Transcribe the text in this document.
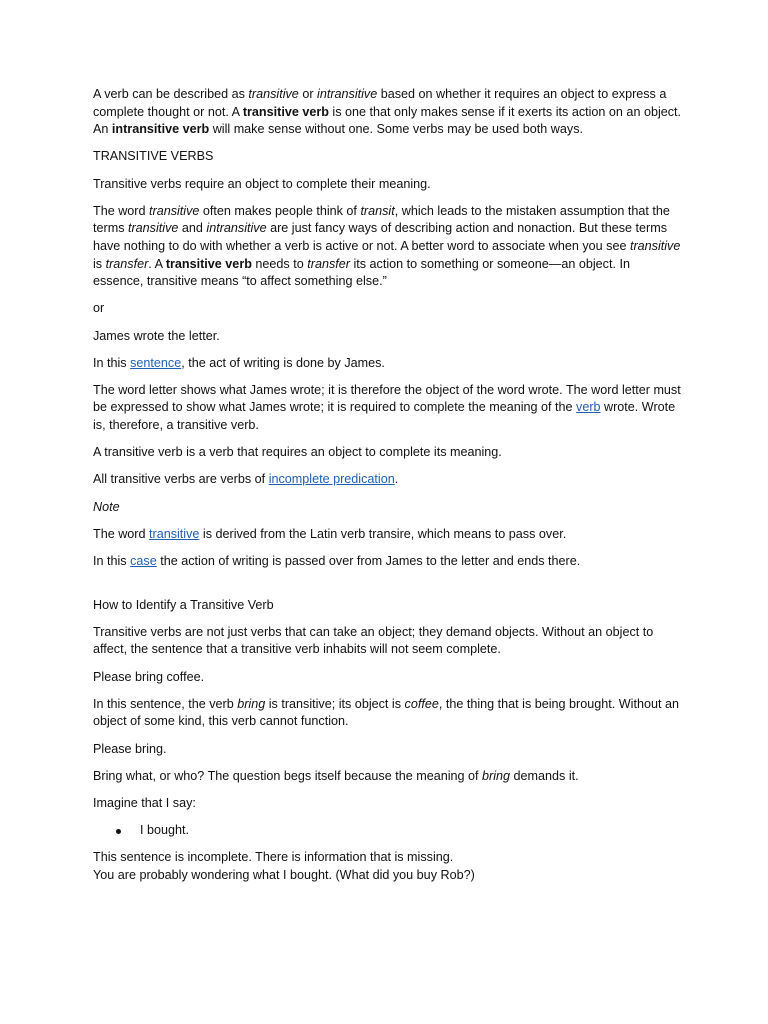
A verb can be described as transitive or intransitive based on whether it requires an object to express a complete thought or not. A transitive verb is one that only makes sense if it exerts its action on an object. An intransitive verb will make sense without one. Some verbs may be used both ways.

TRANSITIVE VERBS

Transitive verbs require an object to complete their meaning.

The word transitive often makes people think of transit, which leads to the mistaken assumption that the terms transitive and intransitive are just fancy ways of describing action and nonaction. But these terms have nothing to do with whether a verb is active or not. A better word to associate when you see transitive is transfer. A transitive verb needs to transfer its action to something or someone—an object. In essence, transitive means “to affect something else.”

or

James wrote the letter.

In this sentence, the act of writing is done by James.

The word letter shows what James wrote; it is therefore the object of the word wrote. The word letter must be expressed to show what James wrote; it is required to complete the meaning of the verb wrote. Wrote is, therefore, a transitive verb.

A transitive verb is a verb that requires an object to complete its meaning.

All transitive verbs are verbs of incomplete predication.

Note

The word transitive is derived from the Latin verb transire, which means to pass over.

In this case the action of writing is passed over from James to the letter and ends there.

How to Identify a Transitive Verb

Transitive verbs are not just verbs that can take an object; they demand objects. Without an object to affect, the sentence that a transitive verb inhabits will not seem complete.

Please bring coffee.

In this sentence, the verb bring is transitive; its object is coffee, the thing that is being brought. Without an object of some kind, this verb cannot function.

Please bring.

Bring what, or who? The question begs itself because the meaning of bring demands it.

Imagine that I say:

I bought.

This sentence is incomplete. There is information that is missing.
You are probably wondering what I bought. (What did you buy Rob?)
